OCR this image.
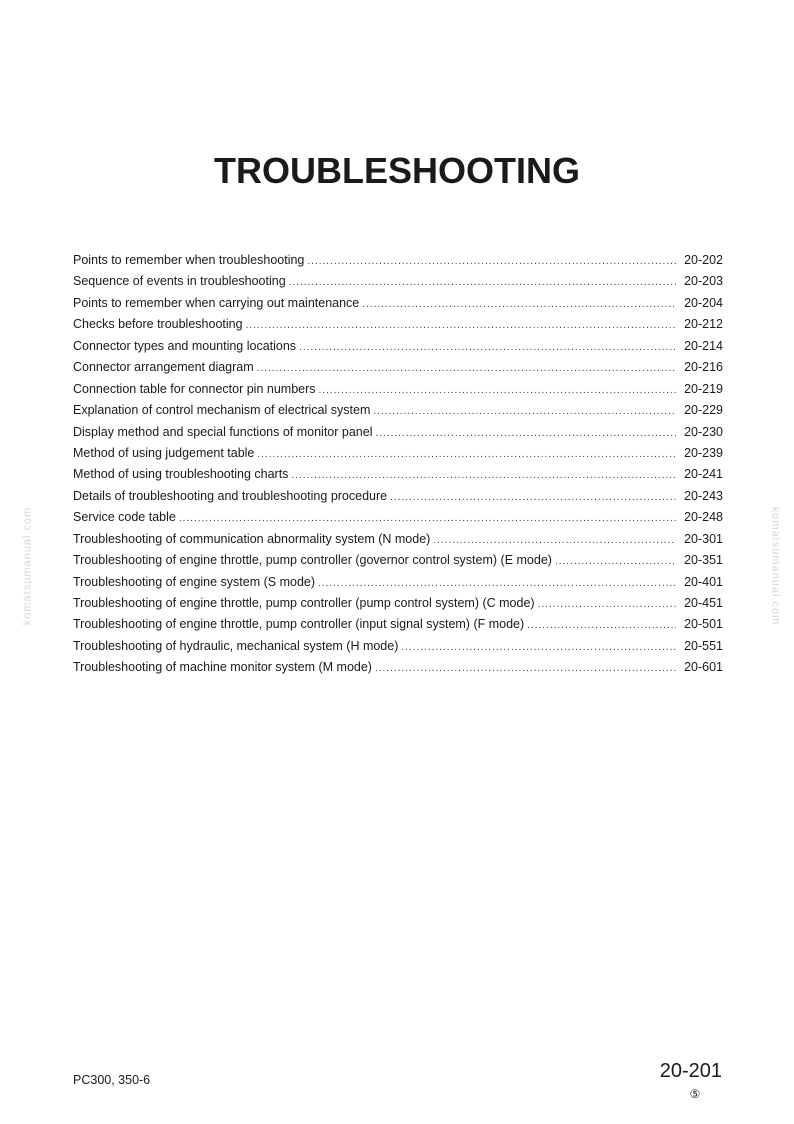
TROUBLESHOOTING
Points to remember when troubleshooting .....	20-202
Sequence of events in troubleshooting .....	20-203
Points to remember when carrying out maintenance .....	20-204
Checks before troubleshooting .....	20-212
Connector types and mounting locations .....	20-214
Connector arrangement diagram .....	20-216
Connection table for connector pin numbers .....	20-219
Explanation of control mechanism of electrical system .....	20-229
Display method and special functions of monitor panel .....	20-230
Method of using judgement table .....	20-239
Method of using troubleshooting charts .....	20-241
Details of troubleshooting and troubleshooting procedure .....	20-243
Service code table .....	20-248
Troubleshooting of communication abnormality system (N mode) .....	20-301
Troubleshooting of engine throttle, pump controller (governor control system) (E mode) .....	20-351
Troubleshooting of engine system (S mode) .....	20-401
Troubleshooting of engine throttle, pump controller (pump control system) (C mode) .....	20-451
Troubleshooting of engine throttle, pump controller (input signal system) (F mode) .....	20-501
Troubleshooting of hydraulic, mechanical system (H mode) .....	20-551
Troubleshooting of machine monitor system (M mode) .....	20-601
komatsumanual.com	komatsumanual.com
PC300, 350-6	20-201
⑤
